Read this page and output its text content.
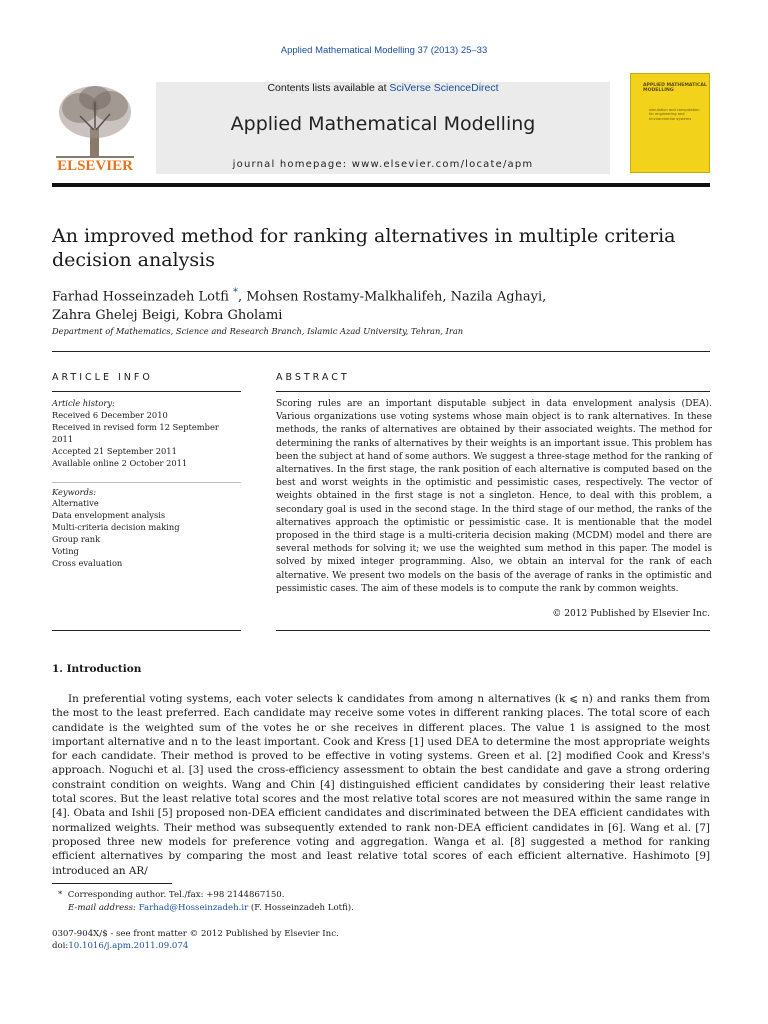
Applied Mathematical Modelling 37 (2013) 25–33
ELSEVIER
Contents lists available at SciVerse ScienceDirect
Applied Mathematical Modelling
journal homepage: www.elsevier.com/locate/apm
APPLIED MATHEMATICAL MODELLING
simulation and computation for engineering and environmental systems
An improved method for ranking alternatives in multiple criteria decision analysis
Farhad Hosseinzadeh Lotfi *, Mohsen Rostamy-Malkhalifeh, Nazila Aghayi,
Zahra Ghelej Beigi, Kobra Gholami
Department of Mathematics, Science and Research Branch, Islamic Azad University, Tehran, Iran
ARTICLE INFO
Article history:
Received 6 December 2010
Received in revised form 12 September 2011
Accepted 21 September 2011
Available online 2 October 2011
Keywords:
Alternative
Data envelopment analysis
Multi-criteria decision making
Group rank
Voting
Cross evaluation
ABSTRACT
Scoring rules are an important disputable subject in data envelopment analysis (DEA). Various organizations use voting systems whose main object is to rank alternatives. In these methods, the ranks of alternatives are obtained by their associated weights. The method for determining the ranks of alternatives by their weights is an important issue. This problem has been the subject at hand of some authors. We suggest a three-stage method for the ranking of alternatives. In the first stage, the rank position of each alternative is computed based on the best and worst weights in the optimistic and pessimistic cases, respectively. The vector of weights obtained in the first stage is not a singleton. Hence, to deal with this problem, a secondary goal is used in the second stage. In the third stage of our method, the ranks of the alternatives approach the optimistic or pessimistic case. It is mentionable that the model proposed in the third stage is a multi-criteria decision making (MCDM) model and there are several methods for solving it; we use the weighted sum method in this paper. The model is solved by mixed integer programming. Also, we obtain an interval for the rank of each alternative. We present two models on the basis of the average of ranks in the optimistic and pessimistic cases. The aim of these models is to compute the rank by common weights.
© 2012 Published by Elsevier Inc.
1. Introduction
In preferential voting systems, each voter selects k candidates from among n alternatives (k ⩽ n) and ranks them from the most to the least preferred. Each candidate may receive some votes in different ranking places. The total score of each candidate is the weighted sum of the votes he or she receives in different places. The value 1 is assigned to the most important alternative and n to the least important. Cook and Kress [1] used DEA to determine the most appropriate weights for each candidate. Their method is proved to be effective in voting systems. Green et al. [2] modified Cook and Kress's approach. Noguchi et al. [3] used the cross-efficiency assessment to obtain the best candidate and gave a strong ordering constraint condition on weights. Wang and Chin [4] distinguished efficient candidates by considering their least relative total scores. But the least relative total scores and the most relative total scores are not measured within the same range in [4]. Obata and Ishii [5] proposed non-DEA efficient candidates and discriminated between the DEA efficient candidates with normalized weights. Their method was subsequently extended to rank non-DEA efficient candidates in [6]. Wang et al. [7] proposed three new models for preference voting and aggregation. Wanga et al. [8] suggested a method for ranking efficient alternatives by comparing the most and least relative total scores of each efficient alternative. Hashimoto [9] introduced an AR/
* Corresponding author. Tel./fax: +98 2144867150.
E-mail address: Farhad@Hosseinzadeh.ir (F. Hosseinzadeh Lotfi).
0307-904X/$ - see front matter © 2012 Published by Elsevier Inc.
doi:10.1016/j.apm.2011.09.074
